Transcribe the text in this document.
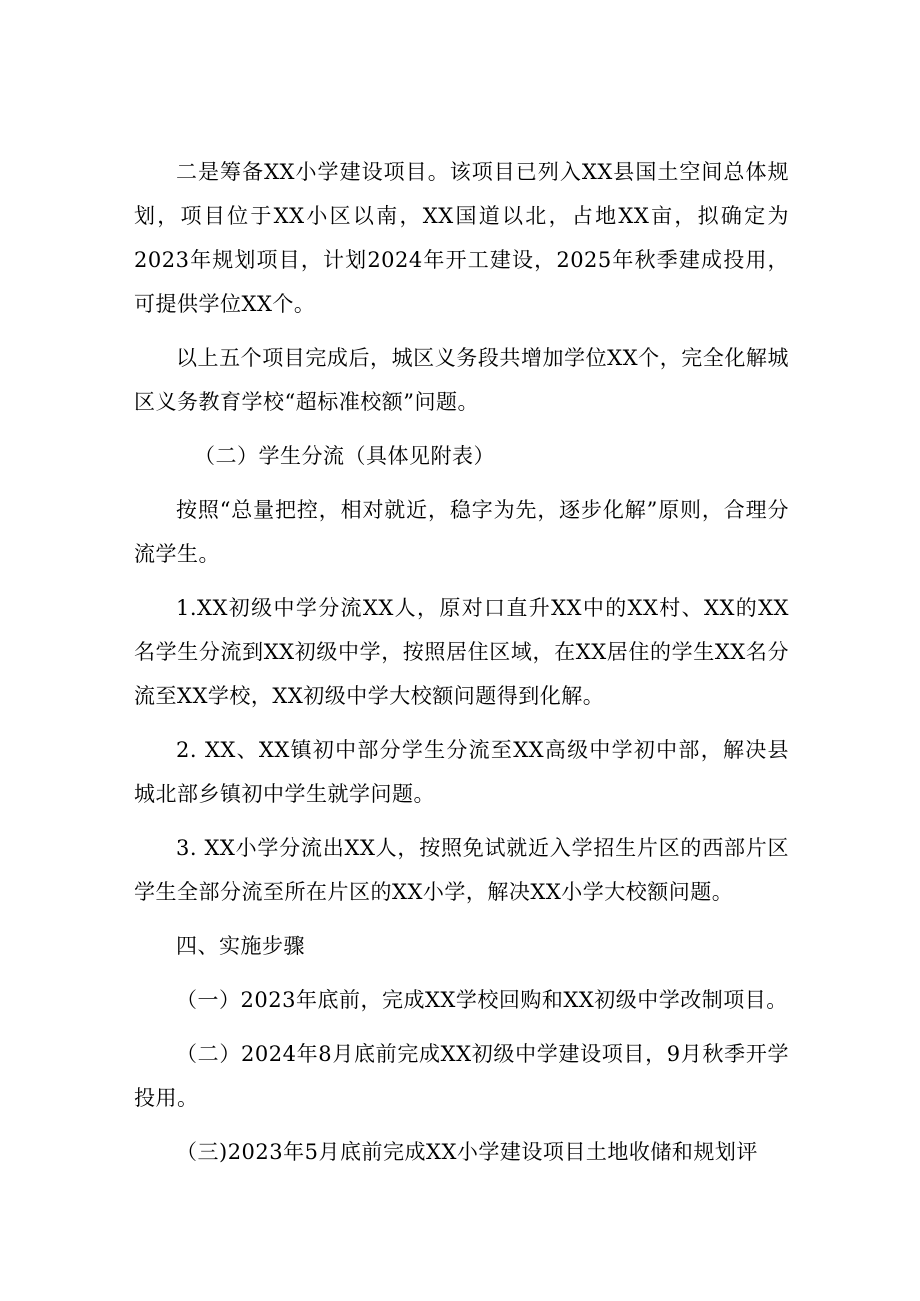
二是筹备XX小学建设项目。该项目已列入XX县国土空间总体规划，项目位于XX小区以南，XX国道以北，占地XX亩，拟确定为2023年规划项目，计划2024年开工建设，2025年秋季建成投用，可提供学位XX个。

以上五个项目完成后，城区义务段共增加学位XX个，完全化解城区义务教育学校“超标准校额”问题。

（二）学生分流（具体见附表）

按照“总量把控，相对就近，稳字为先，逐步化解”原则，合理分流学生。

1.XX初级中学分流XX人，原对口直升XX中的XX村、XX的XX名学生分流到XX初级中学，按照居住区域，在XX居住的学生XX名分流至XX学校，XX初级中学大校额问题得到化解。

2. XX、XX镇初中部分学生分流至XX高级中学初中部，解决县城北部乡镇初中学生就学问题。

3. XX小学分流出XX人，按照免试就近入学招生片区的西部片区学生全部分流至所在片区的XX小学，解决XX小学大校额问题。

四、实施步骤

（一）2023年底前，完成XX学校回购和XX初级中学改制项目。

（二）2024年8月底前完成XX初级中学建设项目，9月秋季开学投用。

（三)2023年5月底前完成XX小学建设项目土地收储和规划评
